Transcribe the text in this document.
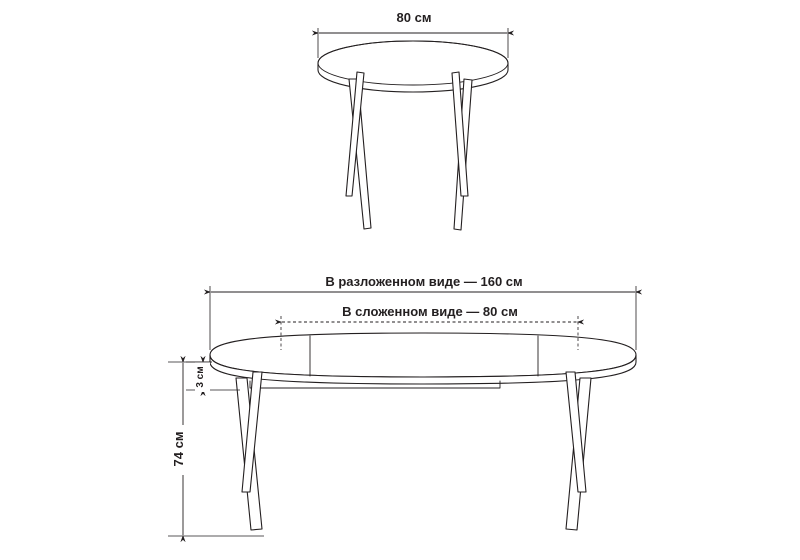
80 см
В разложенном виде — 160 см
В сложенном виде — 80 см
3 см
74 см
